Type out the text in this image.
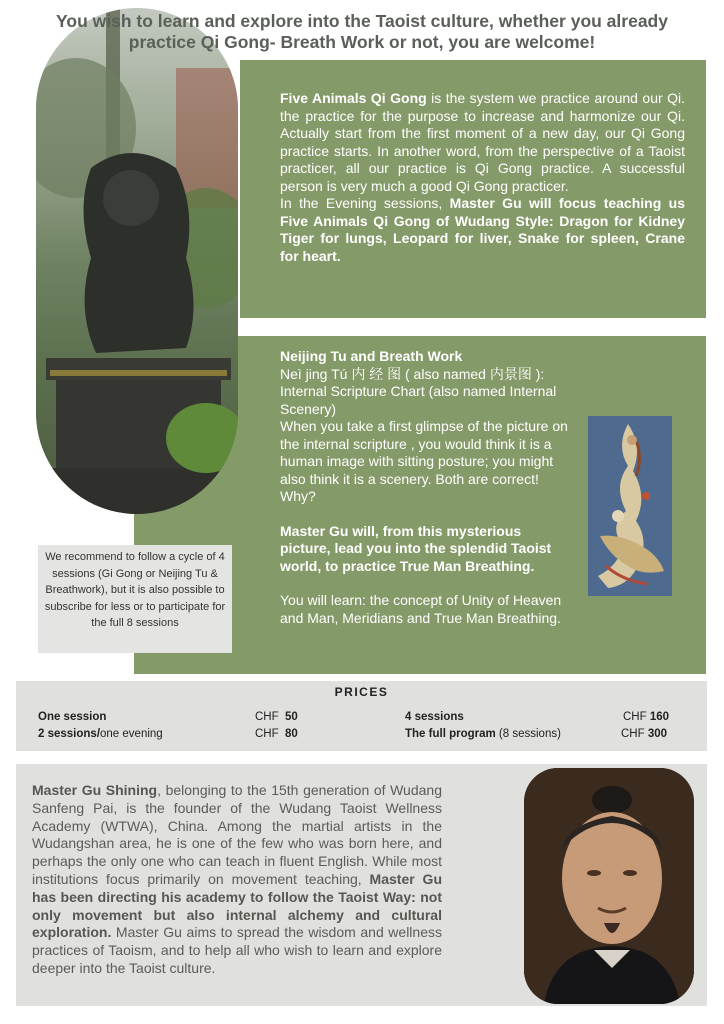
You wish to learn and explore into the Taoist culture, whether you already
practice Qi Gong- Breath Work or not, you are welcome!

Five Animals Qi Gong is the system we practice around our Qi. the practice for the purpose to increase and harmonize our Qi. Actually start from the first moment of a new day, our Qi Gong practice starts. In another word, from the perspective of a Taoist practicer, all our practice is Qi Gong practice. A successful person is very much a good Qi Gong practicer.

In the Evening sessions, Master Gu will focus teaching us Five Animals Qi Gong of Wudang Style: Dragon for Kidney Tiger for lungs, Leopard for liver, Snake for spleen, Crane for heart.

Neijing Tu and Breath Work

Neì jing Tú 内 经 图 ( also named 内景图 ): Internal Scripture Chart (also named Internal Scenery)

When you take a first glimpse of the picture on the internal scripture , you would think it is a human image with sitting posture; you might also think it is a scenery. Both are correct! Why?

Master Gu will, from this mysterious picture, lead you into the splendid Taoist world, to practice True Man Breathing.

You will learn: the concept of Unity of Heaven and Man, Meridians and True Man Breathing.

We recommend to follow a cycle of 4 sessions (Gi Gong or Neijing Tu & Breathwork), but it is also possible to subscribe for less or to participate for the full 8 sessions
PRICES
One session	CHF 50
2 sessions/one evening	CHF 80
4 sessions	CHF 160
The full program (8 sessions)	CHF 300
Master Gu Shining, belonging to the 15th generation of Wudang Sanfeng Pai, is the founder of the Wudang Taoist Wellness Academy (WTWA), China. Among the martial artists in the Wudangshan area, he is one of the few who was born here, and perhaps the only one who can teach in fluent English. While most institutions focus primarily on movement teaching, Master Gu has been directing his academy to follow the Taoist Way: not only movement but also internal alchemy and cultural exploration. Master Gu aims to spread the wisdom and wellness practices of Taoism, and to help all who wish to learn and explore deeper into the Taoist culture.
